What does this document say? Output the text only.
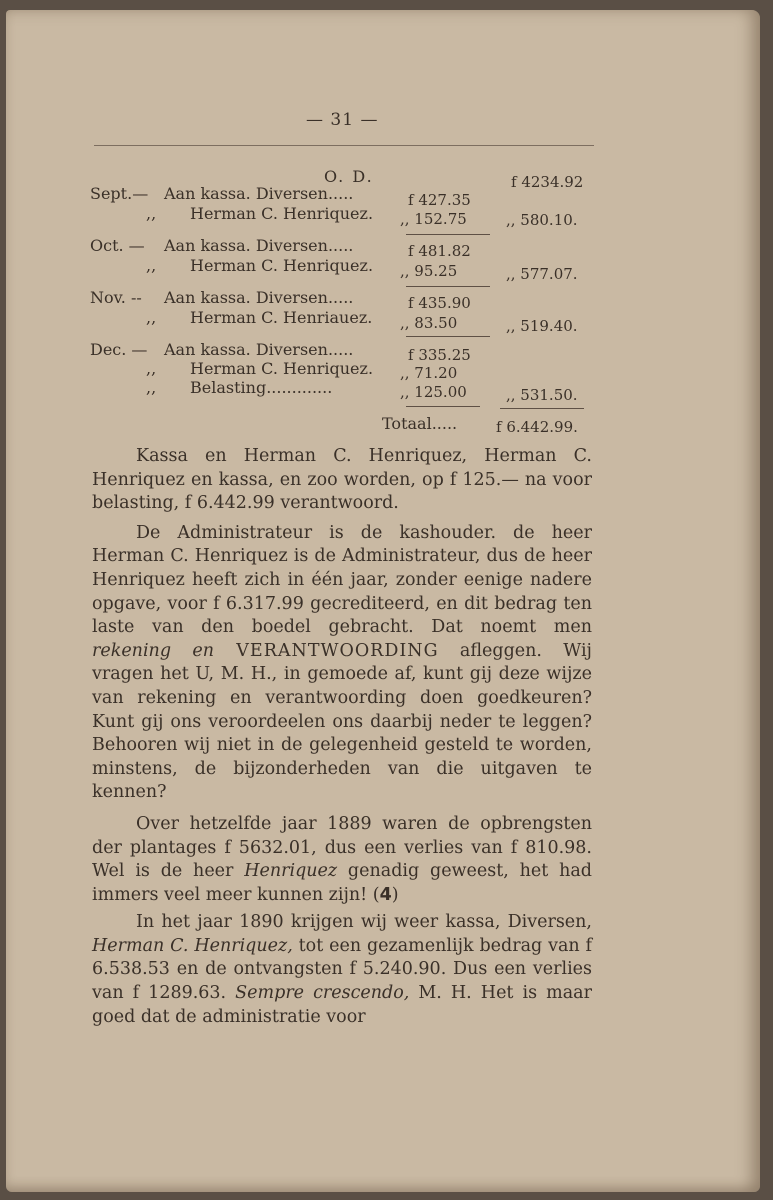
— 31 —
O. D.	f 4234.92
Sept.— Aan kassa. Diversen.....	f 427.35
,, Herman C. Henriquez. ,, 152.75	,, 580.10.
Oct. — Aan kassa. Diversen.....	f 481.82
,, Herman C. Henriquez. ,, 95.25	,, 577.07.
Nov. -- Aan kassa. Diversen.....	f 435.90
,, Herman C. Henriauez. ,, 83.50	,, 519.40.
Dec. — Aan kassa. Diversen.....	f 335.25
,, Herman C. Henriquez. ,, 71.20
,, Belasting.............	,, 125.00	,, 531.50.
Totaal.....	f 6.442.99.

Kassa en Herman C. Henriquez, Herman C. Henriquez en kassa, en zoo worden, op f 125.— na voor belasting, f 6.442.99 verantwoord.

De Administrateur is de kashouder. de heer Herman C. Henriquez is de Administrateur, dus de heer Henriquez heeft zich in één jaar, zonder eenige nadere opgave, voor f 6.317.99 gecrediteerd, en dit bedrag ten laste van den boedel gebracht. Dat noemt men rekening en VERANTWOORDING afleggen. Wij vragen het U, M. H., in gemoede af, kunt gij deze wijze van rekening en verantwoording doen goedkeuren? Kunt gij ons veroordeelen ons daarbij neder te leggen? Behooren wij niet in de gelegenheid gesteld te worden, minstens, de bijzonderheden van die uitgaven te kennen?

Over hetzelfde jaar 1889 waren de opbrengsten der plantages f 5632.01, dus een verlies van f 810.98. Wel is de heer Henriquez genadig geweest, het had immers veel meer kunnen zijn! (4)

In het jaar 1890 krijgen wij weer kassa, Diversen, Herman C. Henriquez, tot een gezamenlijk bedrag van f 6.538.53 en de ontvangsten f 5.240.90. Dus een verlies van f 1289.63. Sempre crescendo, M. H. Het is maar goed dat de administratie voor
